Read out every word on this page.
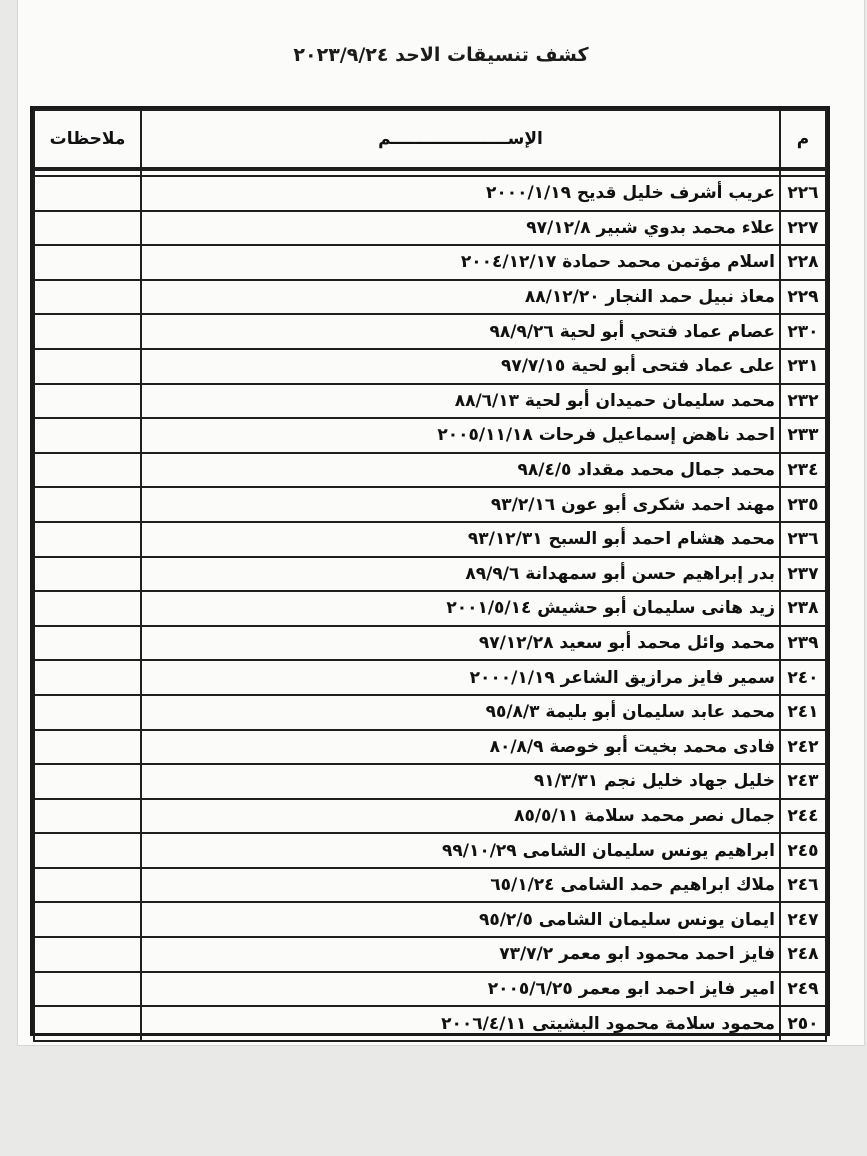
كشف تنسيقات الاحد ٢٠٢٣/٩/٢٤
م	الإســــــــــــــــــــم	ملاحظات

٢٢٦	عريب أشرف خليل قديح ٢٠٠٠/١/١٩	
٢٢٧	علاء محمد بدوي شبير ٩٧/١٢/٨	
٢٢٨	اسلام مؤتمن محمد حمادة ٢٠٠٤/١٢/١٧	
٢٢٩	معاذ نبيل حمد النجار ٨٨/١٢/٢٠	
٢٣٠	عصام عماد فتحي أبو لحية ٩٨/٩/٢٦	
٢٣١	على عماد فتحى أبو لحية ٩٧/٧/١٥	
٢٣٢	محمد سليمان حميدان أبو لحية ٨٨/٦/١٣	
٢٣٣	احمد ناهض إسماعيل فرحات ٢٠٠٥/١١/١٨	
٢٣٤	محمد جمال محمد مقداد ٩٨/٤/٥	
٢٣٥	مهند احمد شكرى أبو عون ٩٣/٢/١٦	
٢٣٦	محمد هشام احمد أبو السبح ٩٣/١٢/٣١	
٢٣٧	بدر إبراهيم حسن أبو سمهدانة ٨٩/٩/٦	
٢٣٨	زيد هانى سليمان أبو حشيش ٢٠٠١/٥/١٤	
٢٣٩	محمد وائل محمد أبو سعيد ٩٧/١٢/٢٨	
٢٤٠	سمير فايز مرازيق الشاعر ٢٠٠٠/١/١٩	
٢٤١	محمد عابد سليمان أبو بليمة ٩٥/٨/٣	
٢٤٢	فادى محمد بخيت أبو خوصة ٨٠/٨/٩	
٢٤٣	خليل جهاد خليل نجم ٩١/٣/٣١	
٢٤٤	جمال نصر محمد سلامة ٨٥/٥/١١	
٢٤٥	ابراهيم يونس سليمان الشامى ٩٩/١٠/٢٩	
٢٤٦	ملاك ابراهيم حمد الشامى ٦٥/١/٢٤	
٢٤٧	ايمان يونس سليمان الشامى ٩٥/٢/٥	
٢٤٨	فايز احمد محمود ابو معمر ٧٣/٧/٢	
٢٤٩	امير فايز احمد ابو معمر ٢٠٠٥/٦/٢٥	
٢٥٠	محمود سلامة محمود البشيتى ٢٠٠٦/٤/١١	
